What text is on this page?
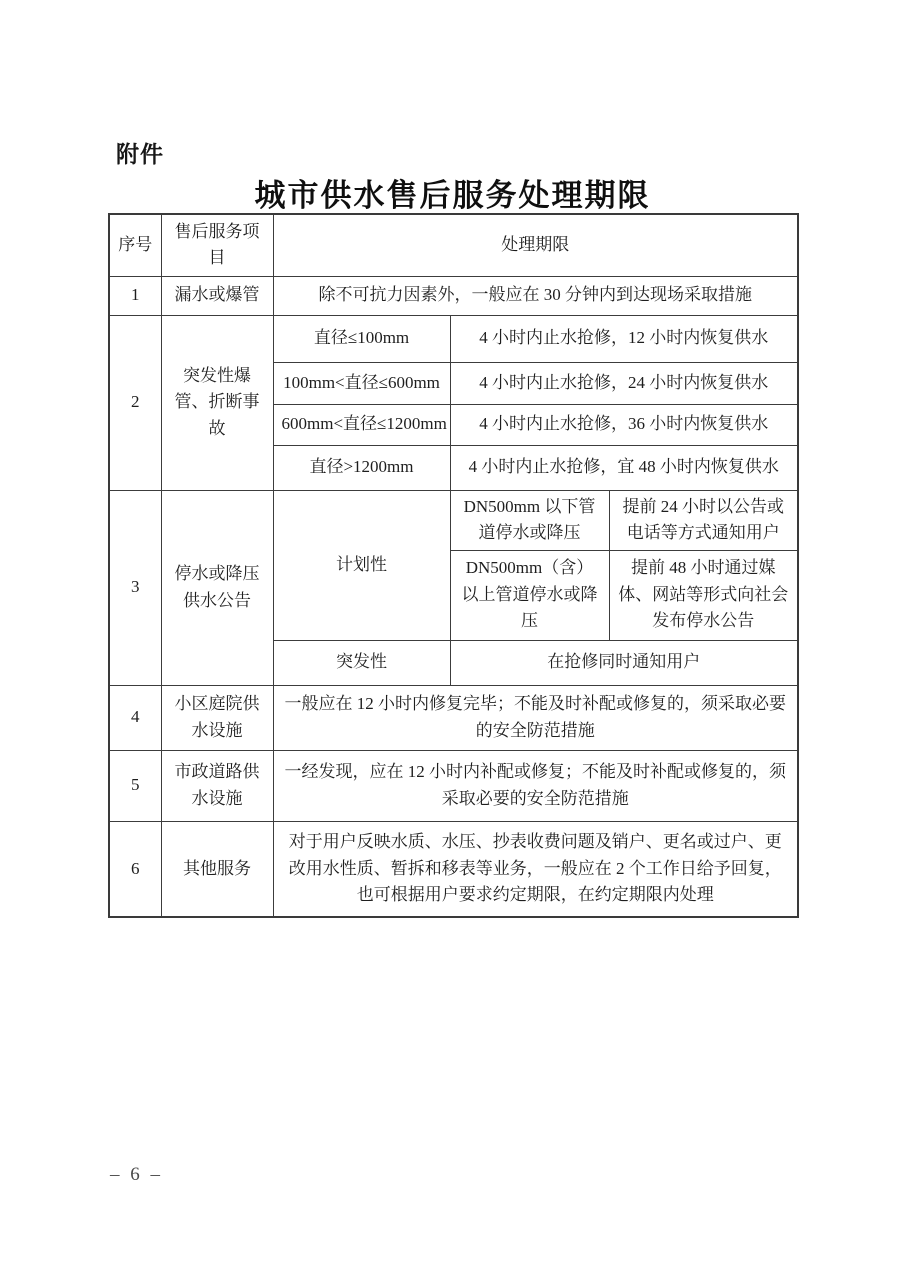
附件
城市供水售后服务处理期限
序号	售后服务项目	处理期限		
1	漏水或爆管	除不可抗力因素外，一般应在 30 分钟内到达现场采取措施		
2	突发性爆管、折断事故	直径≤100mm	4 小时内止水抢修，12 小时内恢复供水	
		100mm<直径≤600mm	4 小时内止水抢修，24 小时内恢复供水	
		600mm<直径≤1200mm	4 小时内止水抢修，36 小时内恢复供水	
		直径>1200mm	4 小时内止水抢修，宜 48 小时内恢复供水	
3	停水或降压供水公告	计划性	DN500mm 以下管道停水或降压	提前 24 小时以公告或电话等方式通知用户
			DN500mm（含）以上管道停水或降压	提前 48 小时通过媒体、网站等形式向社会发布停水公告
		突发性	在抢修同时通知用户	
4	小区庭院供水设施	一般应在 12 小时内修复完毕；不能及时补配或修复的，须采取必要的安全防范措施		
5	市政道路供水设施	一经发现，应在 12 小时内补配或修复；不能及时补配或修复的，须采取必要的安全防范措施		
6	其他服务	对于用户反映水质、水压、抄表收费问题及销户、更名或过户、更改用水性质、暂拆和移表等业务，一般应在 2 个工作日给予回复，也可根据用户要求约定期限，在约定期限内处理		
– 6 –
